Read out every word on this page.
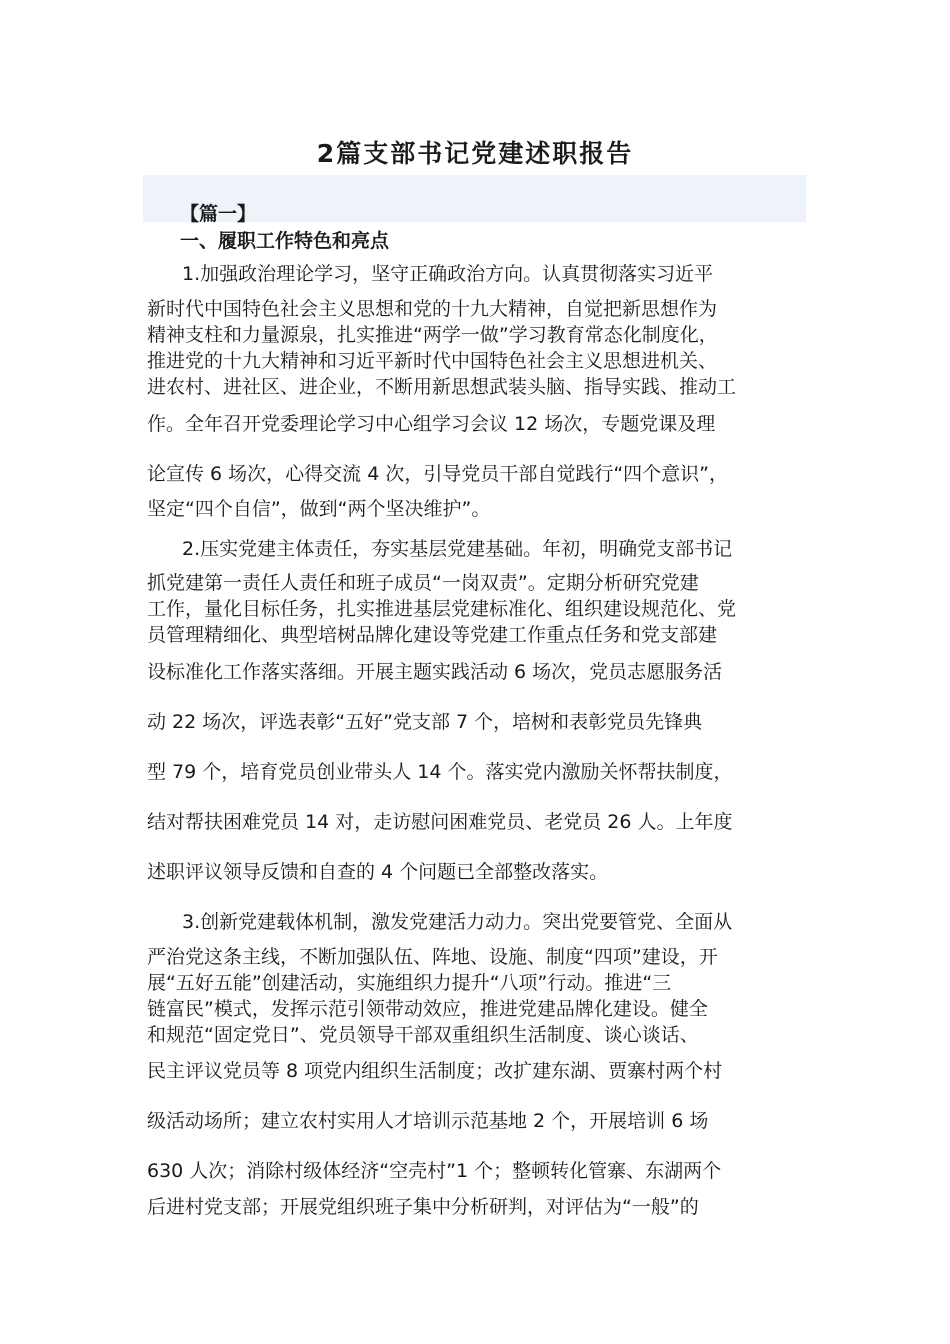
2篇支部书记党建述职报告
【篇一】
一、履职工作特色和亮点
1.加强政治理论学习，坚守正确政治方向。认真贯彻落实习近平
新时代中国特色社会主义思想和党的十九大精神，自觉把新思想作为
精神支柱和力量源泉，扎实推进“两学一做”学习教育常态化制度化，
推进党的十九大精神和习近平新时代中国特色社会主义思想进机关、
进农村、进社区、进企业，不断用新思想武装头脑、指导实践、推动工
作。全年召开党委理论学习中心组学习会议 12 场次，专题党课及理
论宣传 6 场次，心得交流 4 次，引导党员干部自觉践行“四个意识”，
坚定“四个自信”，做到“两个坚决维护”。
2.压实党建主体责任，夯实基层党建基础。年初，明确党支部书记
抓党建第一责任人责任和班子成员“一岗双责”。定期分析研究党建
工作，量化目标任务，扎实推进基层党建标准化、组织建设规范化、党
员管理精细化、典型培树品牌化建设等党建工作重点任务和党支部建
设标准化工作落实落细。开展主题实践活动 6 场次，党员志愿服务活
动 22 场次，评选表彰“五好”党支部 7 个，培树和表彰党员先锋典
型 79 个，培育党员创业带头人 14 个。落实党内激励关怀帮扶制度，
结对帮扶困难党员 14 对，走访慰问困难党员、老党员 26 人。上年度
述职评议领导反馈和自查的 4 个问题已全部整改落实。
3.创新党建载体机制，激发党建活力动力。突出党要管党、全面从
严治党这条主线，不断加强队伍、阵地、设施、制度“四项”建设，开
展“五好五能”创建活动，实施组织力提升“八项”行动。推进“三
链富民”模式，发挥示范引领带动效应，推进党建品牌化建设。健全
和规范“固定党日”、党员领导干部双重组织生活制度、谈心谈话、
民主评议党员等 8 项党内组织生活制度；改扩建东湖、贾寨村两个村
级活动场所；建立农村实用人才培训示范基地 2 个，开展培训 6 场
630 人次；消除村级体经济“空壳村”1 个；整顿转化管寨、东湖两个
后进村党支部；开展党组织班子集中分析研判，对评估为“一般”的
